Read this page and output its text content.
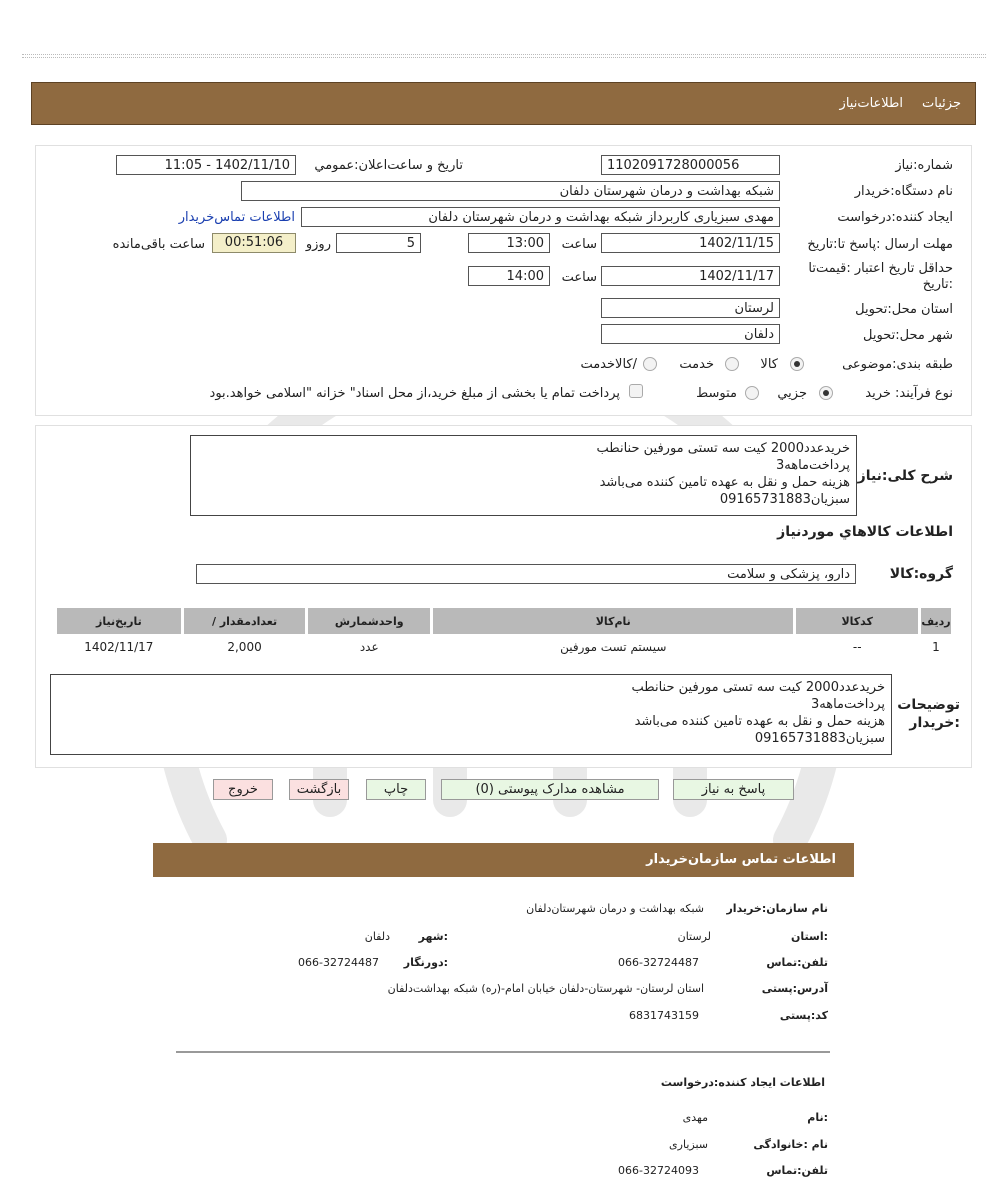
جزئیات
اطلاعات‌نیاز
شماره:نیاز
1102091728000056
تاریخ و ساعت‌اعلان:عمومي
1402/11/10 - 11:05
نام دستگاه:خریدار
شبکه بهداشت و درمان شهرستان دلفان
ایجاد کننده:درخواست
مهدی سبزیاری کاربرداز شبکه بهداشت و درمان شهرستان دلفان
اطلاعات تماس‌خریدار
مهلت ارسال :پاسخ تا:تاریخ
1402/11/15
ساعت
13:00
5
روزو
00:51:06
ساعت باقی‌مانده
حداقل تاریخ اعتبار :قیمت‌تا
:تاریخ
1402/11/17
ساعت
14:00
استان محل:تحویل
لرستان
شهر محل:تحویل
دلفان
طبقه بندی:موضوعی
کالا
خدمت
/کالاخدمت
نوع فرآیند: خرید
جزيي
متوسط
پرداخت تمام یا بخشی از مبلغ خرید،از محل اسناد" خزانه "اسلامی خواهد.بود
شرح کلی:نیاز
خریدعدد2000 کیت سه تستی مورفین حنانطب
پرداخت‌ماهه3
هزینه حمل و نقل به عهده تامین کننده می‌باشد
سبزیان09165731883
اطلاعات کالاهاي موردنیاز
گروه:کالا
دارو، پزشکی و سلامت
تاریخ‌نیاز	/ تعدادمقدار	واحدشمارش	نام‌کالا	کدکالا	ردیف
1402/11/17	2,000	عدد	سیستم تست مورفین	--	1
توضیحات
:خریدار
خریدعدد2000 کیت سه تستی مورفین حنانطب
پرداخت‌ماهه3
هزینه حمل و نقل به عهده تامین کننده می‌باشد
سبزیان09165731883
پاسخ به نیاز
مشاهده مدارک پیوستی (0)
چاپ
بازگشت
خروج
اطلاعات تماس سازمان‌خریدار
نام سازمان:خریدار
شبکه بهداشت و درمان شهرستان‌دلفان
:استان
لرستان
:شهر
دلفان
تلفن:تماس
066-32724487
:دورنگار
066-32724487
آدرس:پستی
استان لرستان- شهرستان-دلفان خیابان امام-(ره) شبکه بهداشت‌دلفان
کد:پستی
6831743159
اطلاعات ایجاد کننده:درخواست
:نام
مهدی
نام :خانوادگی
سبزیاری
تلفن:تماس
066-32724093
